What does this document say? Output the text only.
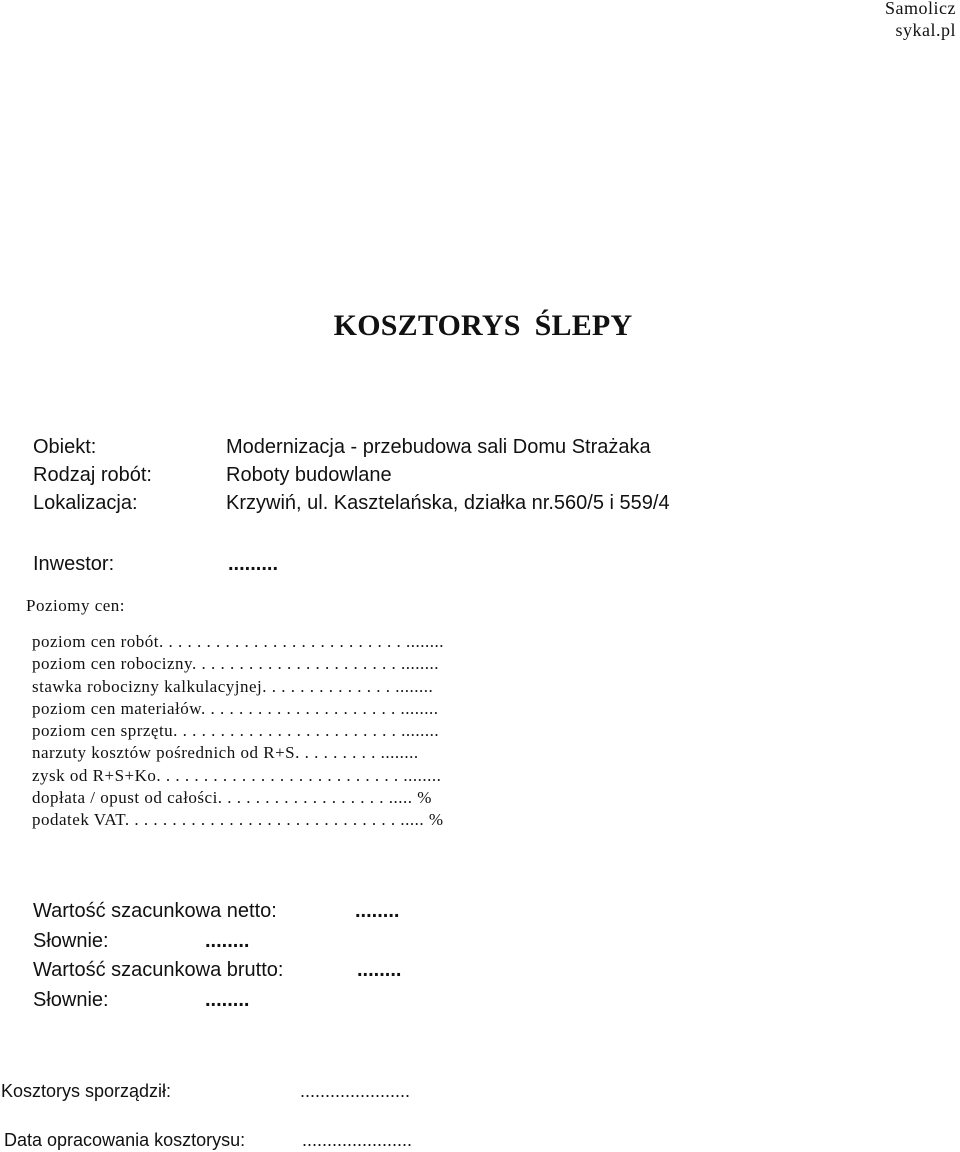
Samolicz
sykal.pl
KOSZTORYS ŚLEPY
Obiekt:	Modernizacja - przebudowa sali Domu Strażaka
Rodzaj robót:	Roboty budowlane
Lokalizacja:	Krzywiń, ul. Kasztelańska, działka nr.560/5 i 559/4
Inwestor:	.........
Poziomy cen:
poziom cen robót. . . . . . . . . . . . . . . . . . . . . . . . . . ........
poziom cen robocizny. . . . . . . . . . . . . . . . . . . . . . ........
stawka robocizny kalkulacyjnej. . . . . . . . . . . . . . ........
poziom cen materiałów. . . . . . . . . . . . . . . . . . . . . ........
poziom cen sprzętu. . . . . . . . . . . . . . . . . . . . . . . . ........
narzuty kosztów pośrednich od R+S. . . . . . . . . ........
zysk od R+S+Ko. . . . . . . . . . . . . . . . . . . . . . . . . . ........
dopłata / opust od całości. . . . . . . . . . . . . . . . . . ..... %
podatek VAT. . . . . . . . . . . . . . . . . . . . . . . . . . . . . ..... %
Wartość szacunkowa netto:	........
Słownie:	........
Wartość szacunkowa brutto:	........
Słownie:	........
Kosztorys sporządził:	......................
Data opracowania kosztorysu:	......................
